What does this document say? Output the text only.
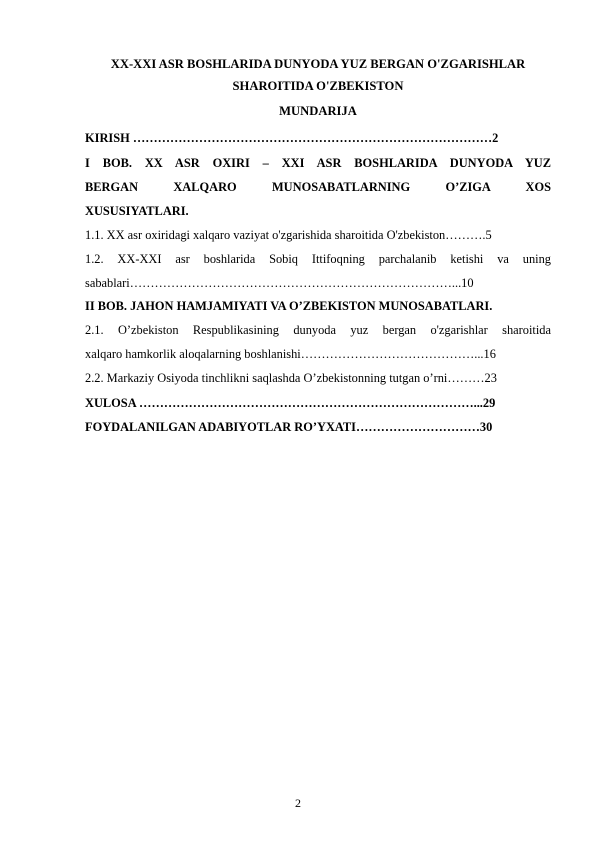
XX-XXI ASR BOSHLARIDA DUNYODA YUZ BERGAN O'ZGARISHLAR
SHAROITIDA O'ZBEKISTON
MUNDARIJA
KIRISH ……………………………………………………………………………2
I BOB. XX ASR OXIRI – XXI ASR BOSHLARIDA DUNYODA YUZ
BERGAN XALQARO MUNOSABATLARNING O’ZIGA XOS
XUSUSIYATLARI.
1.1. XX asr oxiridagi xalqaro vaziyat o'zgarishida sharoitida O'zbekiston……….5
1.2. XX-XXI asr boshlarida Sobiq Ittifoqning parchalanib ketishi va uning
sabablari……………………………………………………………………...10
II BOB. JAHON HAMJAMIYATI VA O’ZBEKISTON MUNOSABATLARI.
2.1. O’zbekiston Respublikasining dunyoda yuz bergan o'zgarishlar sharoitida
xalqaro hamkorlik aloqalarning boshlanishi……………………………………...16
2.2. Markaziy Osiyoda tinchlikni saqlashda O’zbekistonning tutgan o’rni………23
XULOSA ………………………………………………………………………...29
FOYDALANILGAN ADABIYOTLAR RO’YXATI…………………………30
2
